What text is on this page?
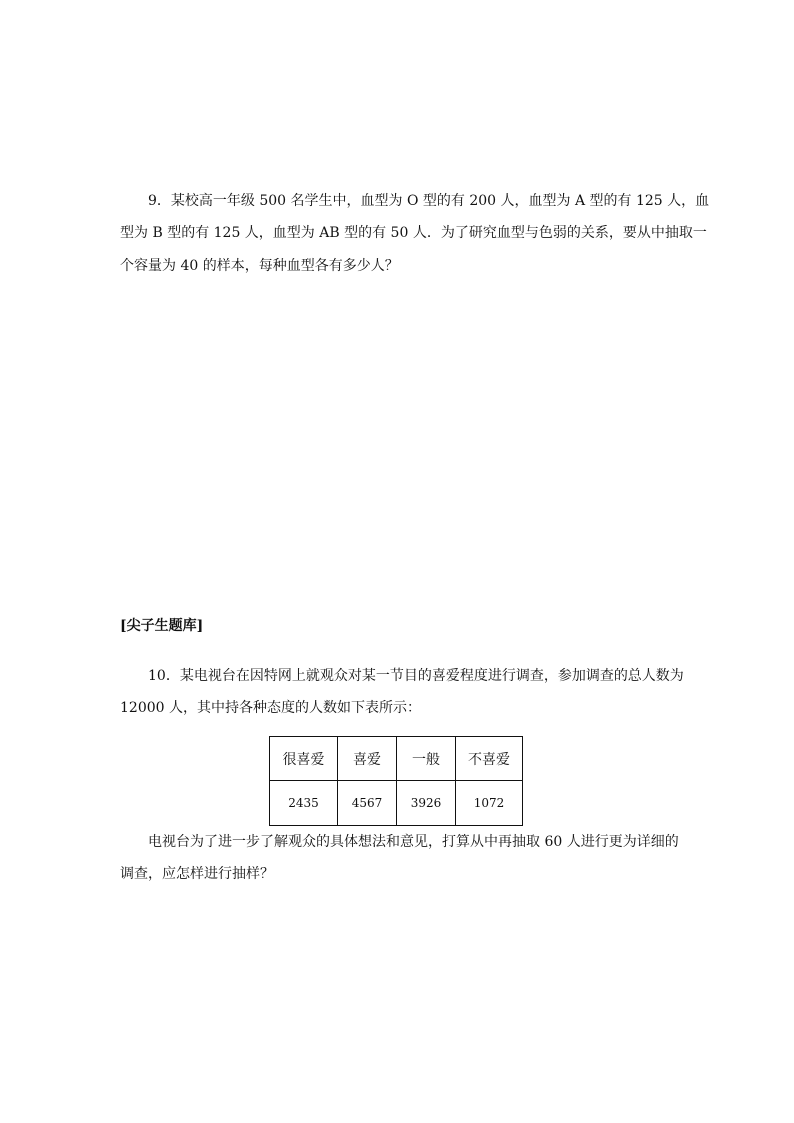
9．某校高一年级 500 名学生中，血型为 O 型的有 200 人，血型为 A 型的有 125 人，血
型为 B 型的有 125 人，血型为 AB 型的有 50 人．为了研究血型与色弱的关系，要从中抽取一
个容量为 40 的样本，每种血型各有多少人？
[尖子生题库]
10．某电视台在因特网上就观众对某一节目的喜爱程度进行调查，参加调查的总人数为
12000 人，其中持各种态度的人数如下表所示：
很喜爱	喜爱	一般	不喜爱
2435	4567	3926	1072
电视台为了进一步了解观众的具体想法和意见，打算从中再抽取 60 人进行更为详细的
调查，应怎样进行抽样？
